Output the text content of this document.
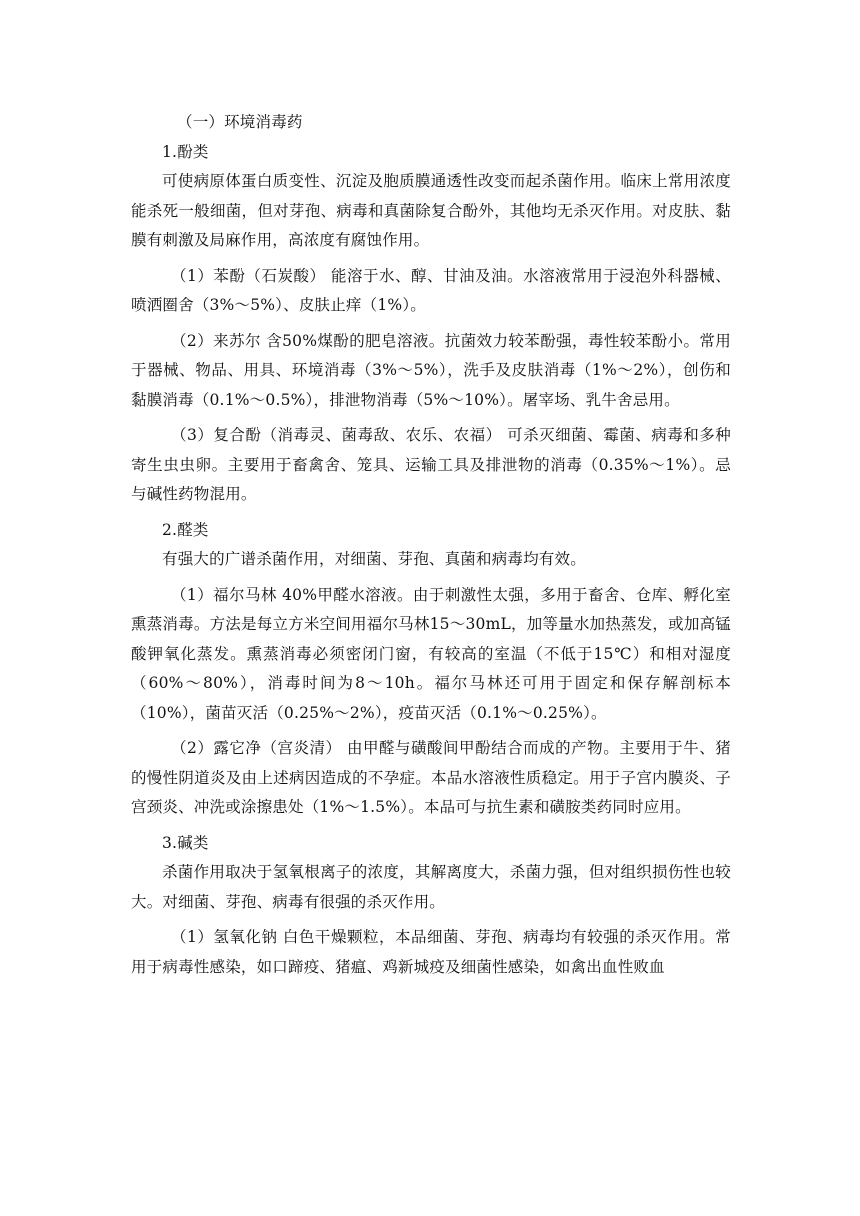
（一）环境消毒药

1.酚类

可使病原体蛋白质变性、沉淀及胞质膜通透性改变而起杀菌作用。临床上常用浓度能杀死一般细菌，但对芽孢、病毒和真菌除复合酚外，其他均无杀灭作用。对皮肤、黏膜有刺激及局麻作用，高浓度有腐蚀作用。

（1）苯酚（石炭酸） 能溶于水、醇、甘油及油。水溶液常用于浸泡外科器械、喷洒圈舍（3%～5%）、皮肤止痒（1%）。

（2）来苏尔 含50%煤酚的肥皂溶液。抗菌效力较苯酚强，毒性较苯酚小。常用于器械、物品、用具、环境消毒（3%～5%），洗手及皮肤消毒（1%～2%），创伤和黏膜消毒（0.1%～0.5%），排泄物消毒（5%～10%）。屠宰场、乳牛舍忌用。

（3）复合酚（消毒灵、菌毒敌、农乐、农福） 可杀灭细菌、霉菌、病毒和多种寄生虫虫卵。主要用于畜禽舍、笼具、运输工具及排泄物的消毒（0.35%～1%）。忌与碱性药物混用。

2.醛类

有强大的广谱杀菌作用，对细菌、芽孢、真菌和病毒均有效。

（1）福尔马林 40%甲醛水溶液。由于刺激性太强，多用于畜舍、仓库、孵化室熏蒸消毒。方法是每立方米空间用福尔马林15～30mL，加等量水加热蒸发，或加高锰酸钾氧化蒸发。熏蒸消毒必须密闭门窗，有较高的室温（不低于15℃）和相对湿度（60%～80%），消毒时间为8～10h。福尔马林还可用于固定和保存解剖标本（10%），菌苗灭活（0.25%～2%），疫苗灭活（0.1%～0.25%）。

（2）露它净（宫炎清） 由甲醛与磺酸间甲酚结合而成的产物。主要用于牛、猪的慢性阴道炎及由上述病因造成的不孕症。本品水溶液性质稳定。用于子宫内膜炎、子宫颈炎、冲洗或涂擦患处（1%～1.5%）。本品可与抗生素和磺胺类药同时应用。

3.碱类

杀菌作用取决于氢氧根离子的浓度，其解离度大，杀菌力强，但对组织损伤性也较大。对细菌、芽孢、病毒有很强的杀灭作用。

（1）氢氧化钠 白色干燥颗粒，本品细菌、芽孢、病毒均有较强的杀灭作用。常用于病毒性感染，如口蹄疫、猪瘟、鸡新城疫及细菌性感染，如禽出血性败血
